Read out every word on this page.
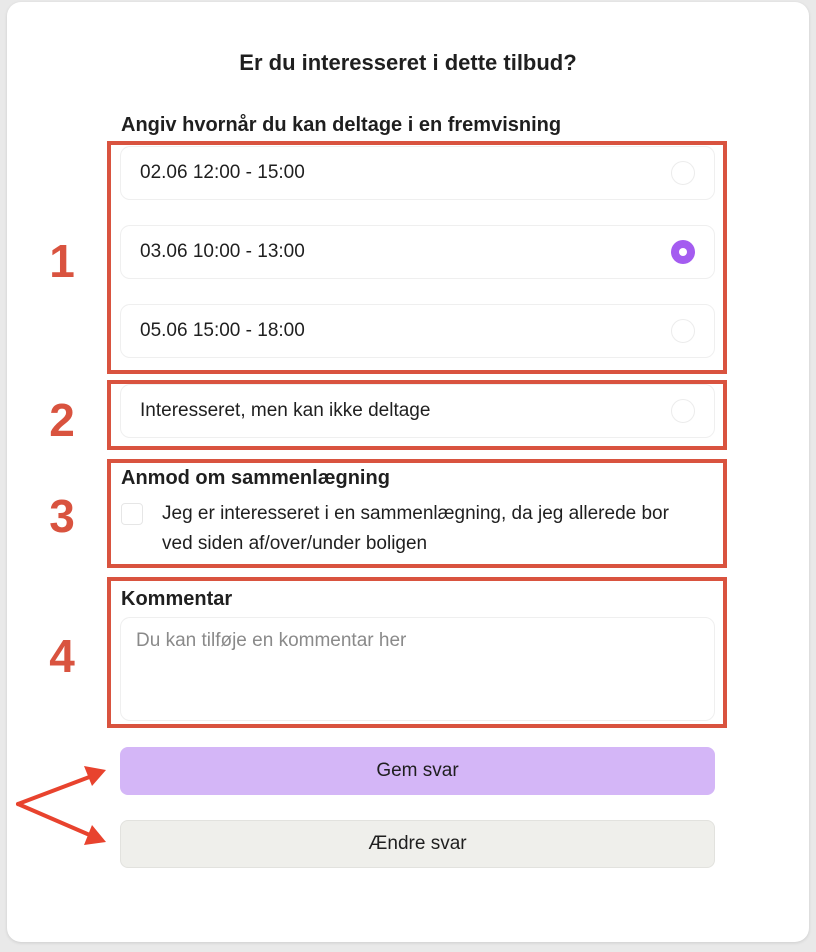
Er du interesseret i dette tilbud?
Angiv hvornår du kan deltage i en fremvisning
02.06 12:00 - 15:00
03.06 10:00 - 13:00
05.06 15:00 - 18:00
Interesseret, men kan ikke deltage
Anmod om sammenlægning
Jeg er interesseret i en sammenlægning, da jeg allerede bor ved siden af/over/under boligen
Kommentar
Du kan tilføje en kommentar her
Gem svar
Ændre svar
1
2
3
4
